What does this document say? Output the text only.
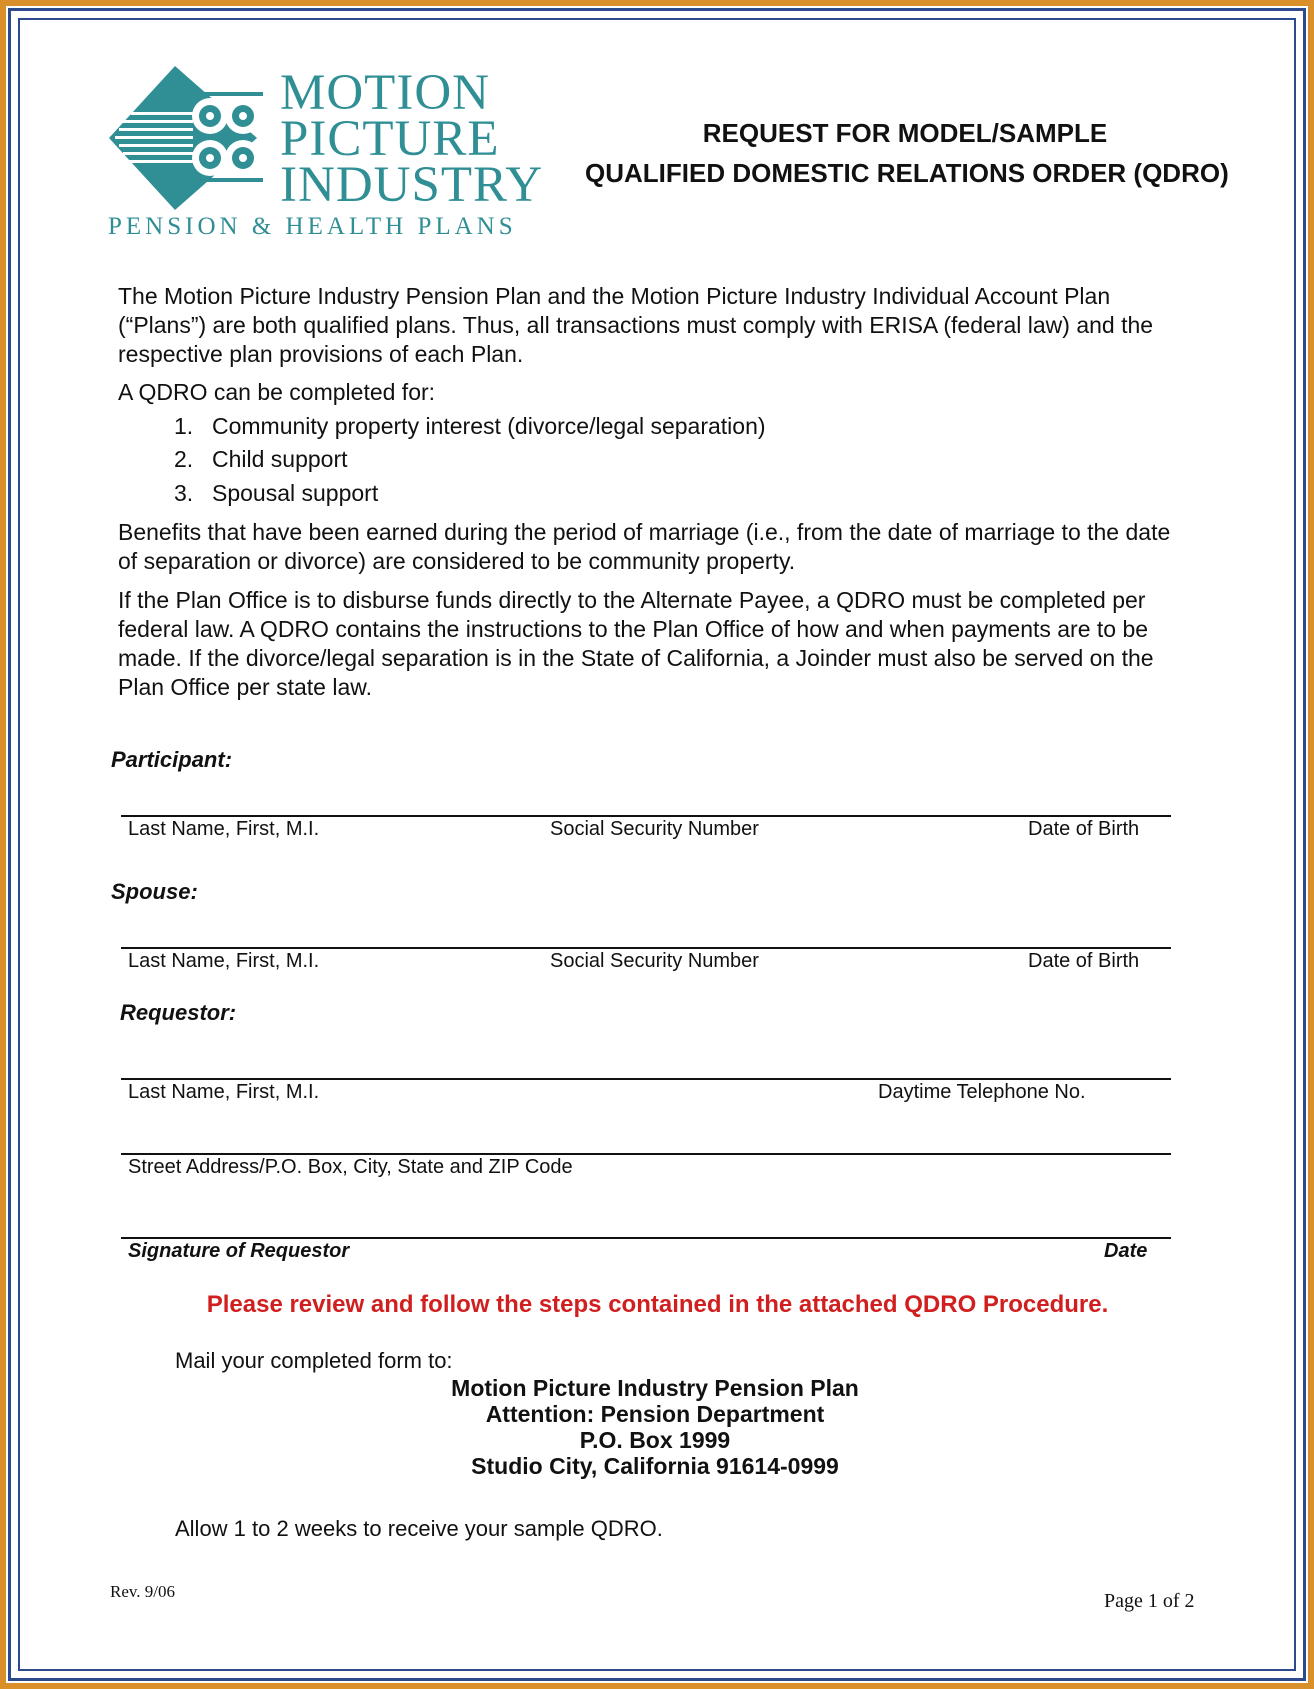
MOTION
PICTURE
INDUSTRY
PENSION & HEALTH PLANS
REQUEST FOR MODEL/SAMPLE
QUALIFIED DOMESTIC RELATIONS ORDER (QDRO)
The Motion Picture Industry Pension Plan and the Motion Picture Industry Individual Account Plan (“Plans”) are both qualified plans. Thus, all transactions must comply with ERISA (federal law) and the respective plan provisions of each Plan.
A QDRO can be completed for:
1. Community property interest (divorce/legal separation)
2. Child support
3. Spousal support
Benefits that have been earned during the period of marriage (i.e., from the date of marriage to the date of separation or divorce) are considered to be community property.
If the Plan Office is to disburse funds directly to the Alternate Payee, a QDRO must be completed per federal law. A QDRO contains the instructions to the Plan Office of how and when payments are to be made. If the divorce/legal separation is in the State of California, a Joinder must also be served on the Plan Office per state law.
Participant:
Last Name, First, M.I.	Social Security Number	Date of Birth
Spouse:
Last Name, First, M.I.	Social Security Number	Date of Birth
Requestor:
Last Name, First, M.I.	Daytime Telephone No.
Street Address/P.O. Box, City, State and ZIP Code
Signature of Requestor	Date
Please review and follow the steps contained in the attached QDRO Procedure.
Mail your completed form to:
Motion Picture Industry Pension Plan
Attention: Pension Department
P.O. Box 1999
Studio City, California 91614-0999
Allow 1 to 2 weeks to receive your sample QDRO.
Rev. 9/06	Page 1 of 2
